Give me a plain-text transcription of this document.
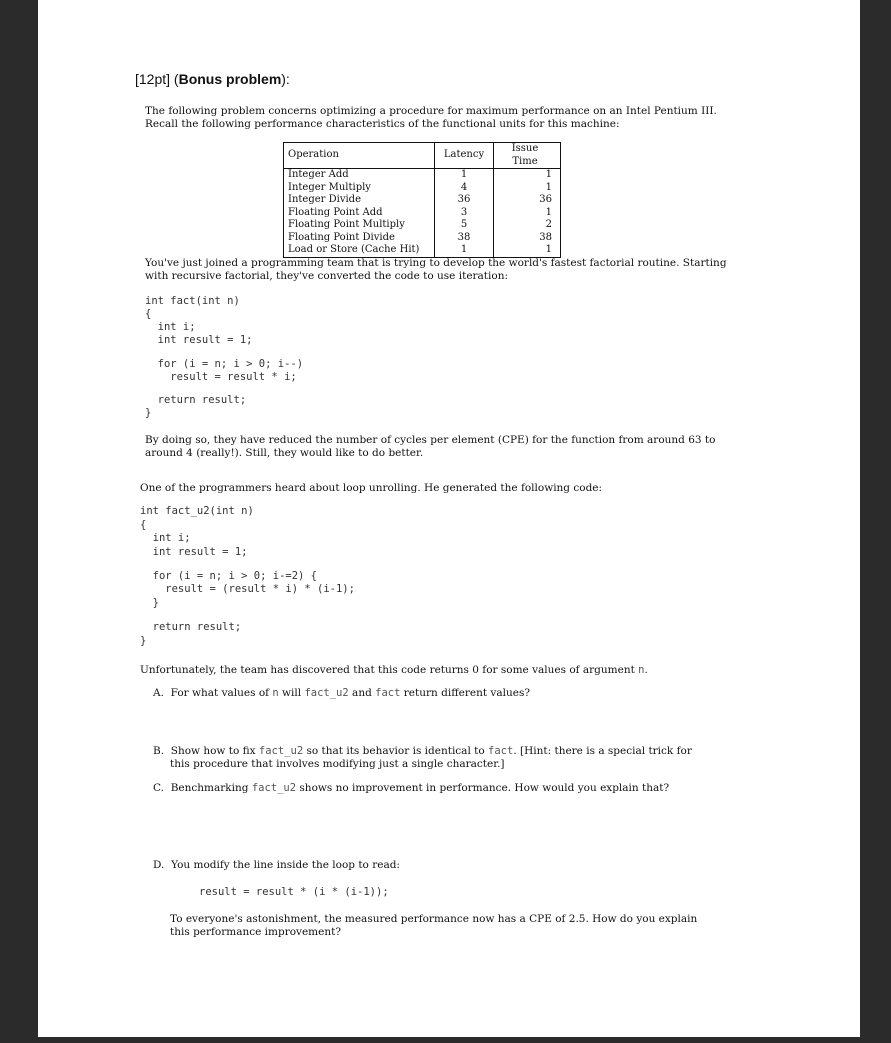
[12pt] (Bonus problem):
The following problem concerns optimizing a procedure for maximum performance on an Intel Pentium III.
Recall the following performance characteristics of the functional units for this machine:
Operation	Latency	Issue Time
Integer Add	1	1
Integer Multiply	4	1
Integer Divide	36	36
Floating Point Add	3	1
Floating Point Multiply	5	2
Floating Point Divide	38	38
Load or Store (Cache Hit)	1	1
You've just joined a programming team that is trying to develop the world's fastest factorial routine. Starting
with recursive factorial, they've converted the code to use iteration:
int fact(int n)
{
int i;
int result = 1;
for (i = n; i > 0; i--)
result = result * i;
return result;
}
By doing so, they have reduced the number of cycles per element (CPE) for the function from around 63 to
around 4 (really!). Still, they would like to do better.
One of the programmers heard about loop unrolling. He generated the following code:
int fact_u2(int n)
{
int i;
int result = 1;
for (i = n; i > 0; i-=2) {
result = (result * i) * (i-1);
}
return result;
}
Unfortunately, the team has discovered that this code returns 0 for some values of argument n.
A. For what values of n will fact_u2 and fact return different values?
B. Show how to fix fact_u2 so that its behavior is identical to fact. [Hint: there is a special trick for
this procedure that involves modifying just a single character.]
C. Benchmarking fact_u2 shows no improvement in performance. How would you explain that?
D. You modify the line inside the loop to read:
result = result * (i * (i-1));
To everyone's astonishment, the measured performance now has a CPE of 2.5. How do you explain
this performance improvement?
